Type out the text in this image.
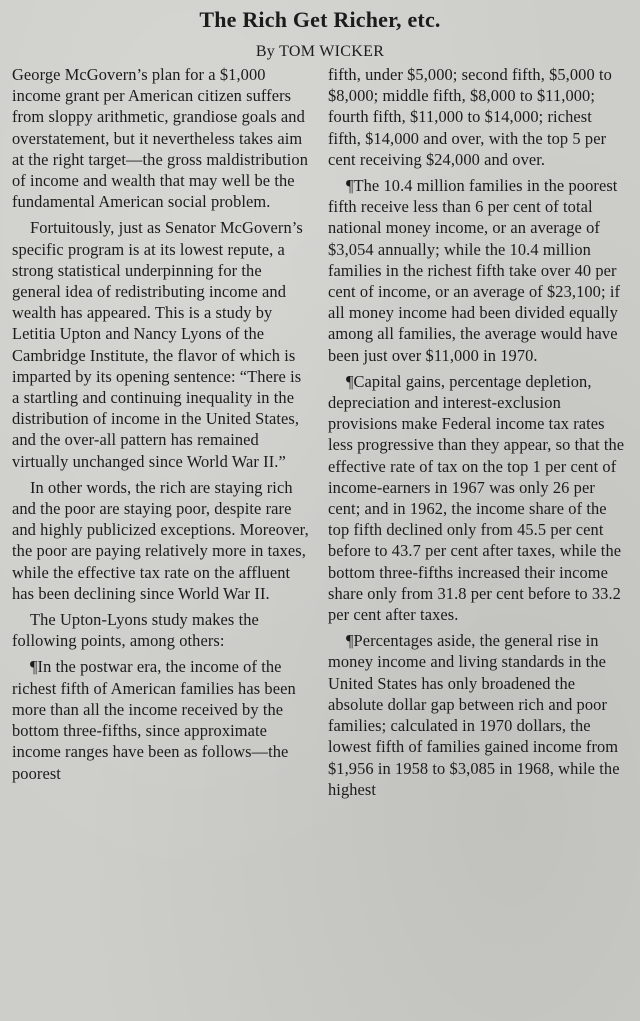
The Rich Get Richer, etc.
By TOM WICKER

George McGovern’s plan for a $1,000 income grant per American citizen suffers from sloppy arithmetic, grandiose goals and overstatement, but it nevertheless takes aim at the right target—the gross maldistribution of income and wealth that may well be the fundamental American social problem.

Fortuitously, just as Senator McGovern’s specific program is at its lowest repute, a strong statistical underpinning for the general idea of redistributing income and wealth has appeared. This is a study by Letitia Upton and Nancy Lyons of the Cambridge Institute, the flavor of which is imparted by its opening sentence: “There is a startling and continuing inequality in the distribution of income in the United States, and the over-all pattern has remained virtually unchanged since World War II.”

In other words, the rich are staying rich and the poor are staying poor, despite rare and highly publicized exceptions. Moreover, the poor are paying relatively more in taxes, while the effective tax rate on the affluent has been declining since World War II.

The Upton-Lyons study makes the following points, among others:

¶In the postwar era, the income of the richest fifth of American families has been more than all the income received by the bottom three-fifths, since approximate income ranges have been as follows—the poorest

fifth, under $5,000; second fifth, $5,000 to $8,000; middle fifth, $8,000 to $11,000; fourth fifth, $11,000 to $14,000; richest fifth, $14,000 and over, with the top 5 per cent receiving $24,000 and over.

¶The 10.4 million families in the poorest fifth receive less than 6 per cent of total national money income, or an average of $3,054 annually; while the 10.4 million families in the richest fifth take over 40 per cent of income, or an average of $23,100; if all money income had been divided equally among all families, the average would have been just over $11,000 in 1970.

¶Capital gains, percentage depletion, depreciation and interest-exclusion provisions make Federal income tax rates less progressive than they appear, so that the effective rate of tax on the top 1 per cent of income-earners in 1967 was only 26 per cent; and in 1962, the income share of the top fifth declined only from 45.5 per cent before to 43.7 per cent after taxes, while the bottom three-fifths increased their income share only from 31.8 per cent before to 33.2 per cent after taxes.

¶Percentages aside, the general rise in money income and living standards in the United States has only broadened the absolute dollar gap between rich and poor families; calculated in 1970 dollars, the lowest fifth of families gained income from $1,956 in 1958 to $3,085 in 1968, while the highest
